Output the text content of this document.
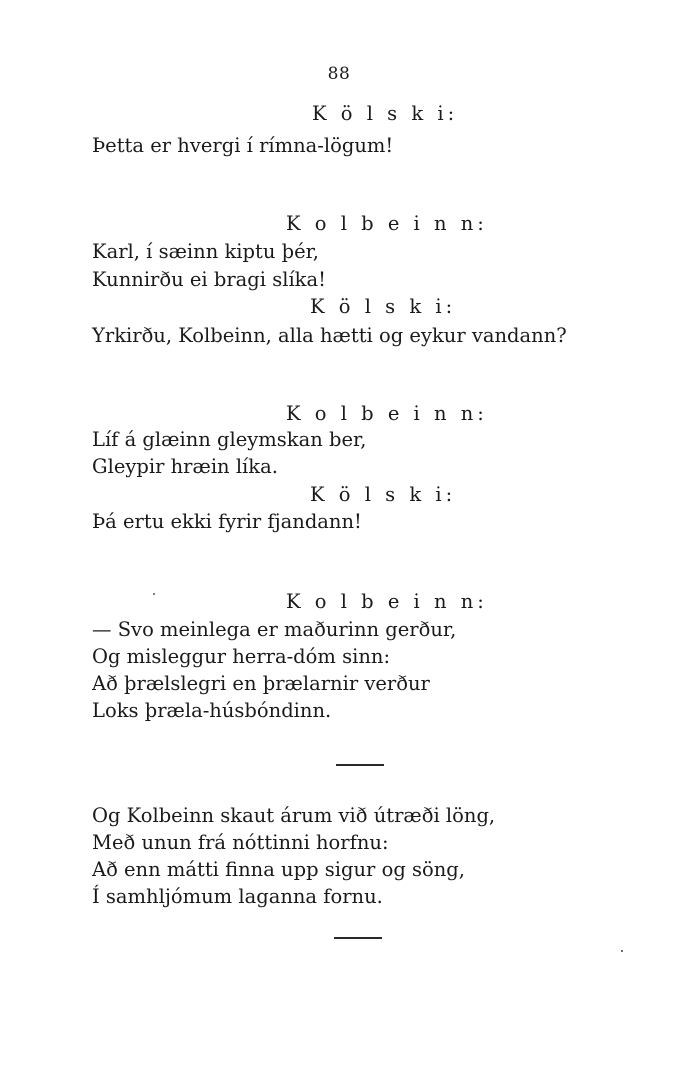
88
K ö l s k i:
Þetta er hvergi í rímna-lögum!
K o l b e i n n:
Karl, í sæinn kiptu þér,
Kunnirðu ei bragi slíka!
K ö l s k i:
Yrkirðu, Kolbeinn, alla hætti og eykur vandann?
K o l b e i n n:
Líf á glæinn gleymskan ber,
Gleypir hræin líka.
K ö l s k i:
Þá ertu ekki fyrir fjandann!
K o l b e i n n:
— Svo meinlega er maðurinn gerður,
Og misleggur herra-dóm sinn:
Að þrælslegri en þrælarnir verður
Loks þræla-húsbóndinn.
Og Kolbeinn skaut árum við útræði löng,
Með unun frá nóttinni horfnu:
Að enn mátti finna upp sigur og söng,
Í samhljómum laganna fornu.
